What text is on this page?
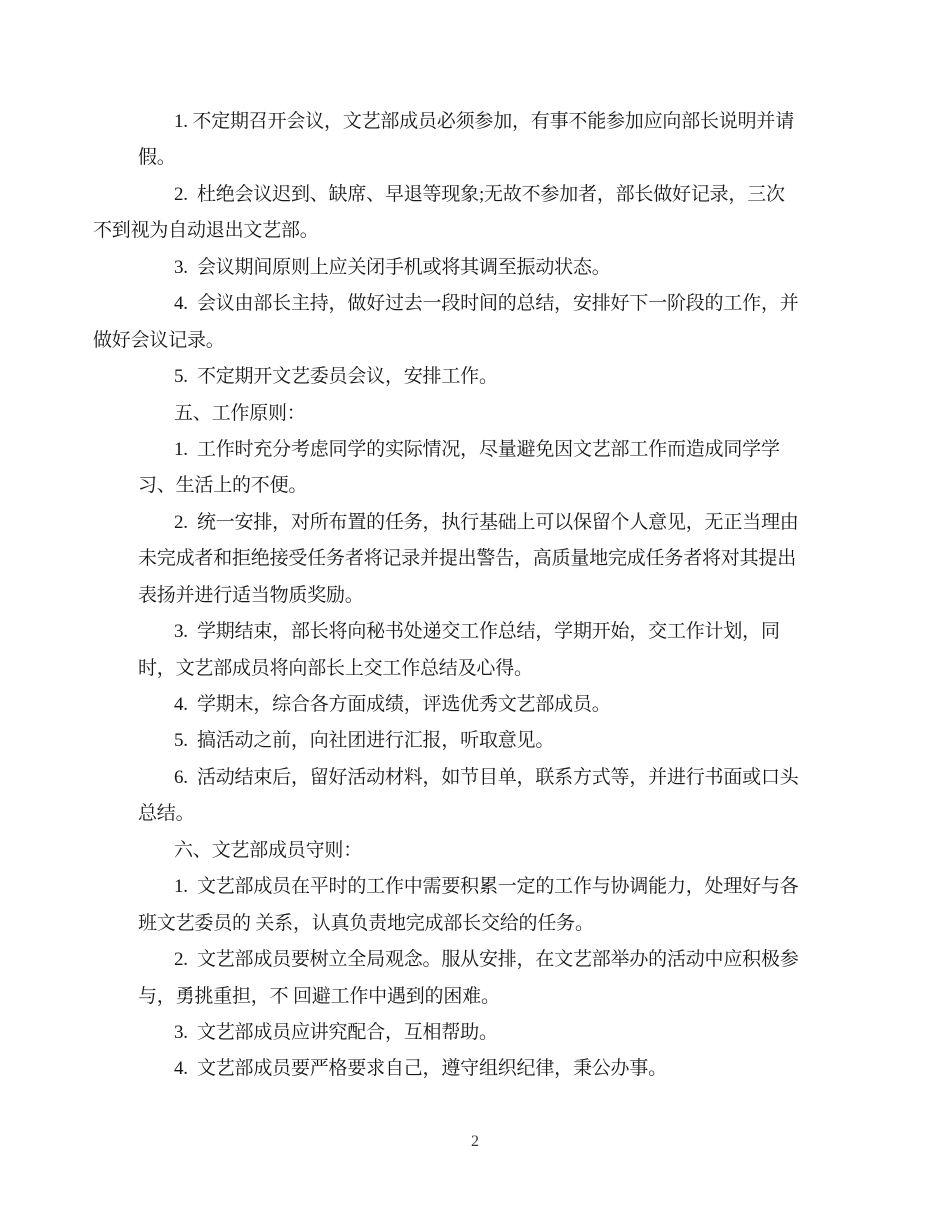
1. 不定期召开会议，文艺部成员必须参加，有事不能参加应向部长说明并请
假。
2.  杜绝会议迟到、缺席、早退等现象;无故不参加者，部长做好记录，三次
不到视为自动退出文艺部。
3.  会议期间原则上应关闭手机或将其调至振动状态。
4.  会议由部长主持，做好过去一段时间的总结，安排好下一阶段的工作，并
做好会议记录。
5.  不定期开文艺委员会议，安排工作。
五、工作原则：
1.  工作时充分考虑同学的实际情况，尽量避免因文艺部工作而造成同学学
习、生活上的不便。
2.  统一安排，对所布置的任务，执行基础上可以保留个人意见，无正当理由
未完成者和拒绝接受任务者将记录并提出警告，高质量地完成任务者将对其提出
表扬并进行适当物质奖励。
3.  学期结束，部长将向秘书处递交工作总结，学期开始，交工作计划，同
时，文艺部成员将向部长上交工作总结及心得。
4.  学期末，综合各方面成绩，评选优秀文艺部成员。
5.  搞活动之前，向社团进行汇报，听取意见。
6.  活动结束后，留好活动材料，如节目单，联系方式等，并进行书面或口头
总结。
六、文艺部成员守则：
1.  文艺部成员在平时的工作中需要积累一定的工作与协调能力，处理好与各
班文艺委员的 关系，认真负责地完成部长交给的任务。
2.  文艺部成员要树立全局观念。服从安排，在文艺部举办的活动中应积极参
与，勇挑重担，不 回避工作中遇到的困难。
3.  文艺部成员应讲究配合，互相帮助。
4.  文艺部成员要严格要求自己，遵守组织纪律，秉公办事。
2
